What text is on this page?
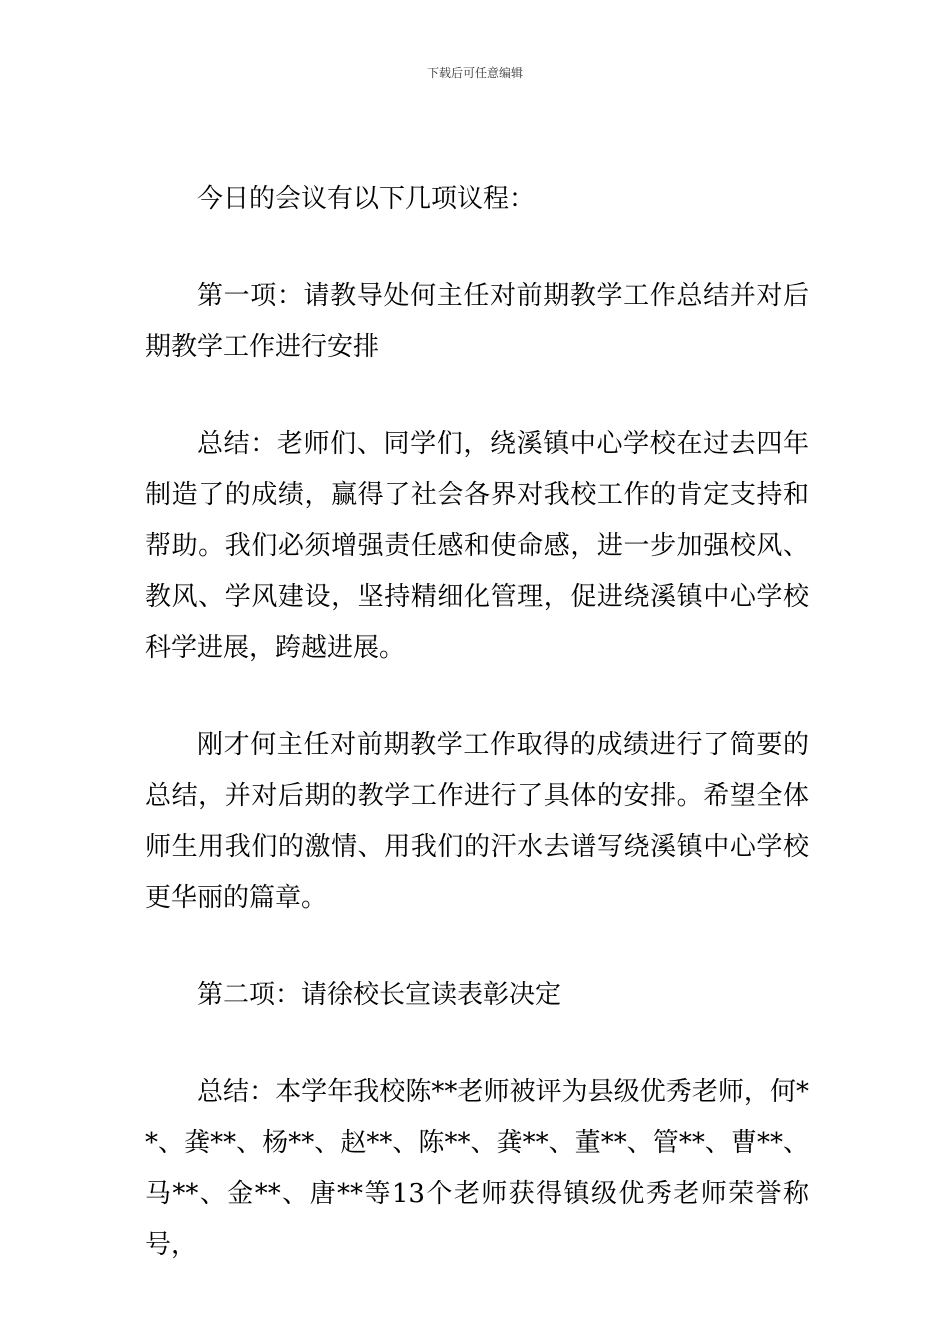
下载后可任意编辑

今日的会议有以下几项议程：

第一项：请教导处何主任对前期教学工作总结并对后期教学工作进行安排

总结：老师们、同学们，绕溪镇中心学校在过去四年制造了的成绩，赢得了社会各界对我校工作的肯定支持和帮助。我们必须增强责任感和使命感，进一步加强校风、教风、学风建设，坚持精细化管理，促进绕溪镇中心学校科学进展，跨越进展。

刚才何主任对前期教学工作取得的成绩进行了简要的总结，并对后期的教学工作进行了具体的安排。希望全体师生用我们的激情、用我们的汗水去谱写绕溪镇中心学校更华丽的篇章。

第二项：请徐校长宣读表彰决定

总结：本学年我校陈**老师被评为县级优秀老师，何**、龚**、杨**、赵**、陈**、龚**、董**、管**、曹**、马**、金**、唐**等13个老师获得镇级优秀老师荣誉称号，
